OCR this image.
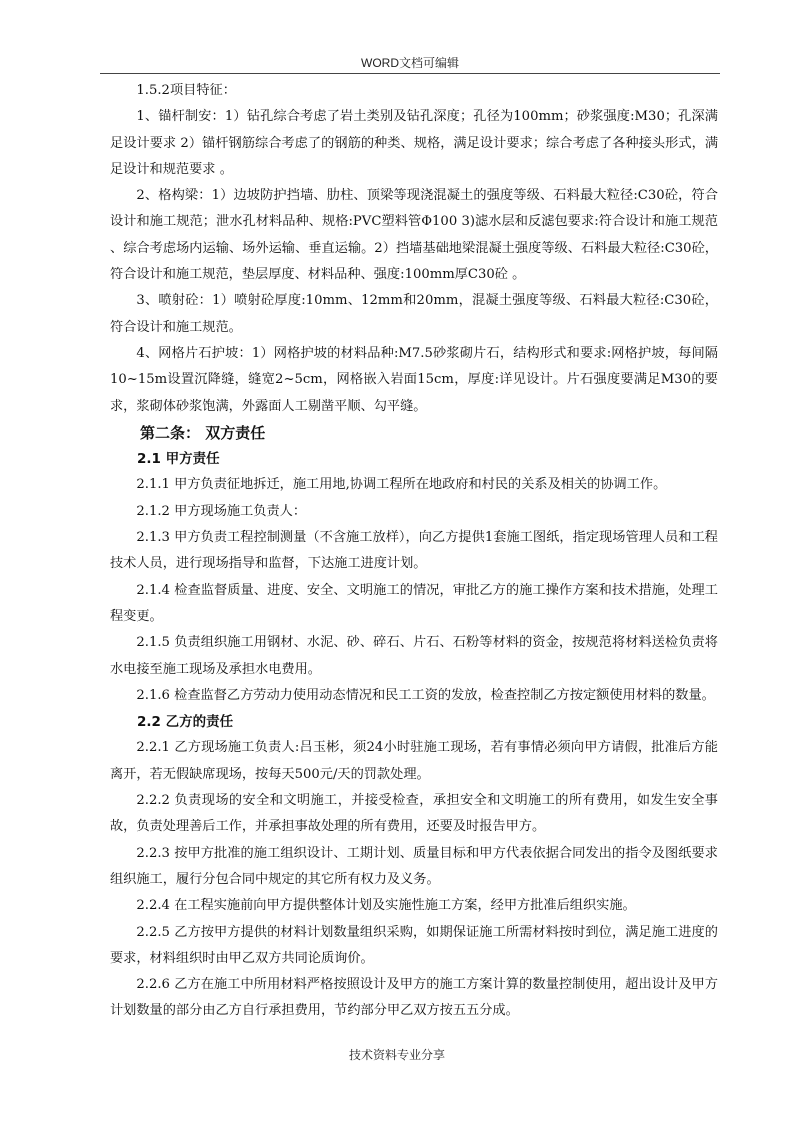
WORD文档可编辑

1.5.2项目特征：

1、锚杆制安：1）钻孔综合考虑了岩土类别及钻孔深度；孔径为100mm；砂浆强度:M30；孔深满足设计要求 2）锚杆钢筋综合考虑了的钢筋的种类、规格，满足设计要求；综合考虑了各种接头形式，满足设计和规范要求 。

2、格构梁：1）边坡防护挡墙、肋柱、顶梁等现浇混凝土的强度等级、石料最大粒径:C30砼，符合设计和施工规范；泄水孔材料品种、规格:PVC塑料管Φ100 3)滤水层和反滤包要求:符合设计和施工规范 、综合考虑场内运输、场外运输、垂直运输。2）挡墙基础地梁混凝土强度等级、石料最大粒径:C30砼，符合设计和施工规范，垫层厚度、材料品种、强度:100mm厚C30砼 。

3、喷射砼：1）喷射砼厚度:10mm、12mm和20mm，混凝土强度等级、石料最大粒径:C30砼，符合设计和施工规范。

4、网格片石护坡：1）网格护坡的材料品种:M7.5砂浆砌片石，结构形式和要求:网格护坡，每间隔10~15m设置沉降缝，缝宽2~5cm，网格嵌入岩面15cm，厚度:详见设计。片石强度要满足M30的要求，浆砌体砂浆饱满，外露面人工剔凿平顺、勾平缝。

第二条： 双方责任
2.1 甲方责任

2.1.1 甲方负责征地拆迁，施工用地,协调工程所在地政府和村民的关系及相关的协调工作。

2.1.2 甲方现场施工负责人：

2.1.3 甲方负责工程控制测量（不含施工放样），向乙方提供1套施工图纸，指定现场管理人员和工程技术人员，进行现场指导和监督，下达施工进度计划。

2.1.4 检查监督质量、进度、安全、文明施工的情况，审批乙方的施工操作方案和技术措施，处理工程变更。

2.1.5 负责组织施工用钢材、水泥、砂、碎石、片石、石粉等材料的资金，按规范将材料送检负责将水电接至施工现场及承担水电费用。

2.1.6 检查监督乙方劳动力使用动态情况和民工工资的发放，检查控制乙方按定额使用材料的数量。

2.2 乙方的责任

2.2.1 乙方现场施工负责人:吕玉彬，须24小时驻施工现场，若有事情必须向甲方请假，批准后方能离开，若无假缺席现场，按每天500元/天的罚款处理。

2.2.2 负责现场的安全和文明施工，并接受检查，承担安全和文明施工的所有费用，如发生安全事故，负责处理善后工作，并承担事故处理的所有费用，还要及时报告甲方。

2.2.3 按甲方批准的施工组织设计、工期计划、质量目标和甲方代表依据合同发出的指令及图纸要求组织施工，履行分包合同中规定的其它所有权力及义务。

2.2.4 在工程实施前向甲方提供整体计划及实施性施工方案，经甲方批准后组织实施。

2.2.5 乙方按甲方提供的材料计划数量组织采购，如期保证施工所需材料按时到位，满足施工进度的要求，材料组织时由甲乙双方共同论质询价。

2.2.6 乙方在施工中所用材料严格按照设计及甲方的施工方案计算的数量控制使用，超出设计及甲方计划数量的部分由乙方自行承担费用，节约部分甲乙双方按五五分成。

技术资料专业分享
